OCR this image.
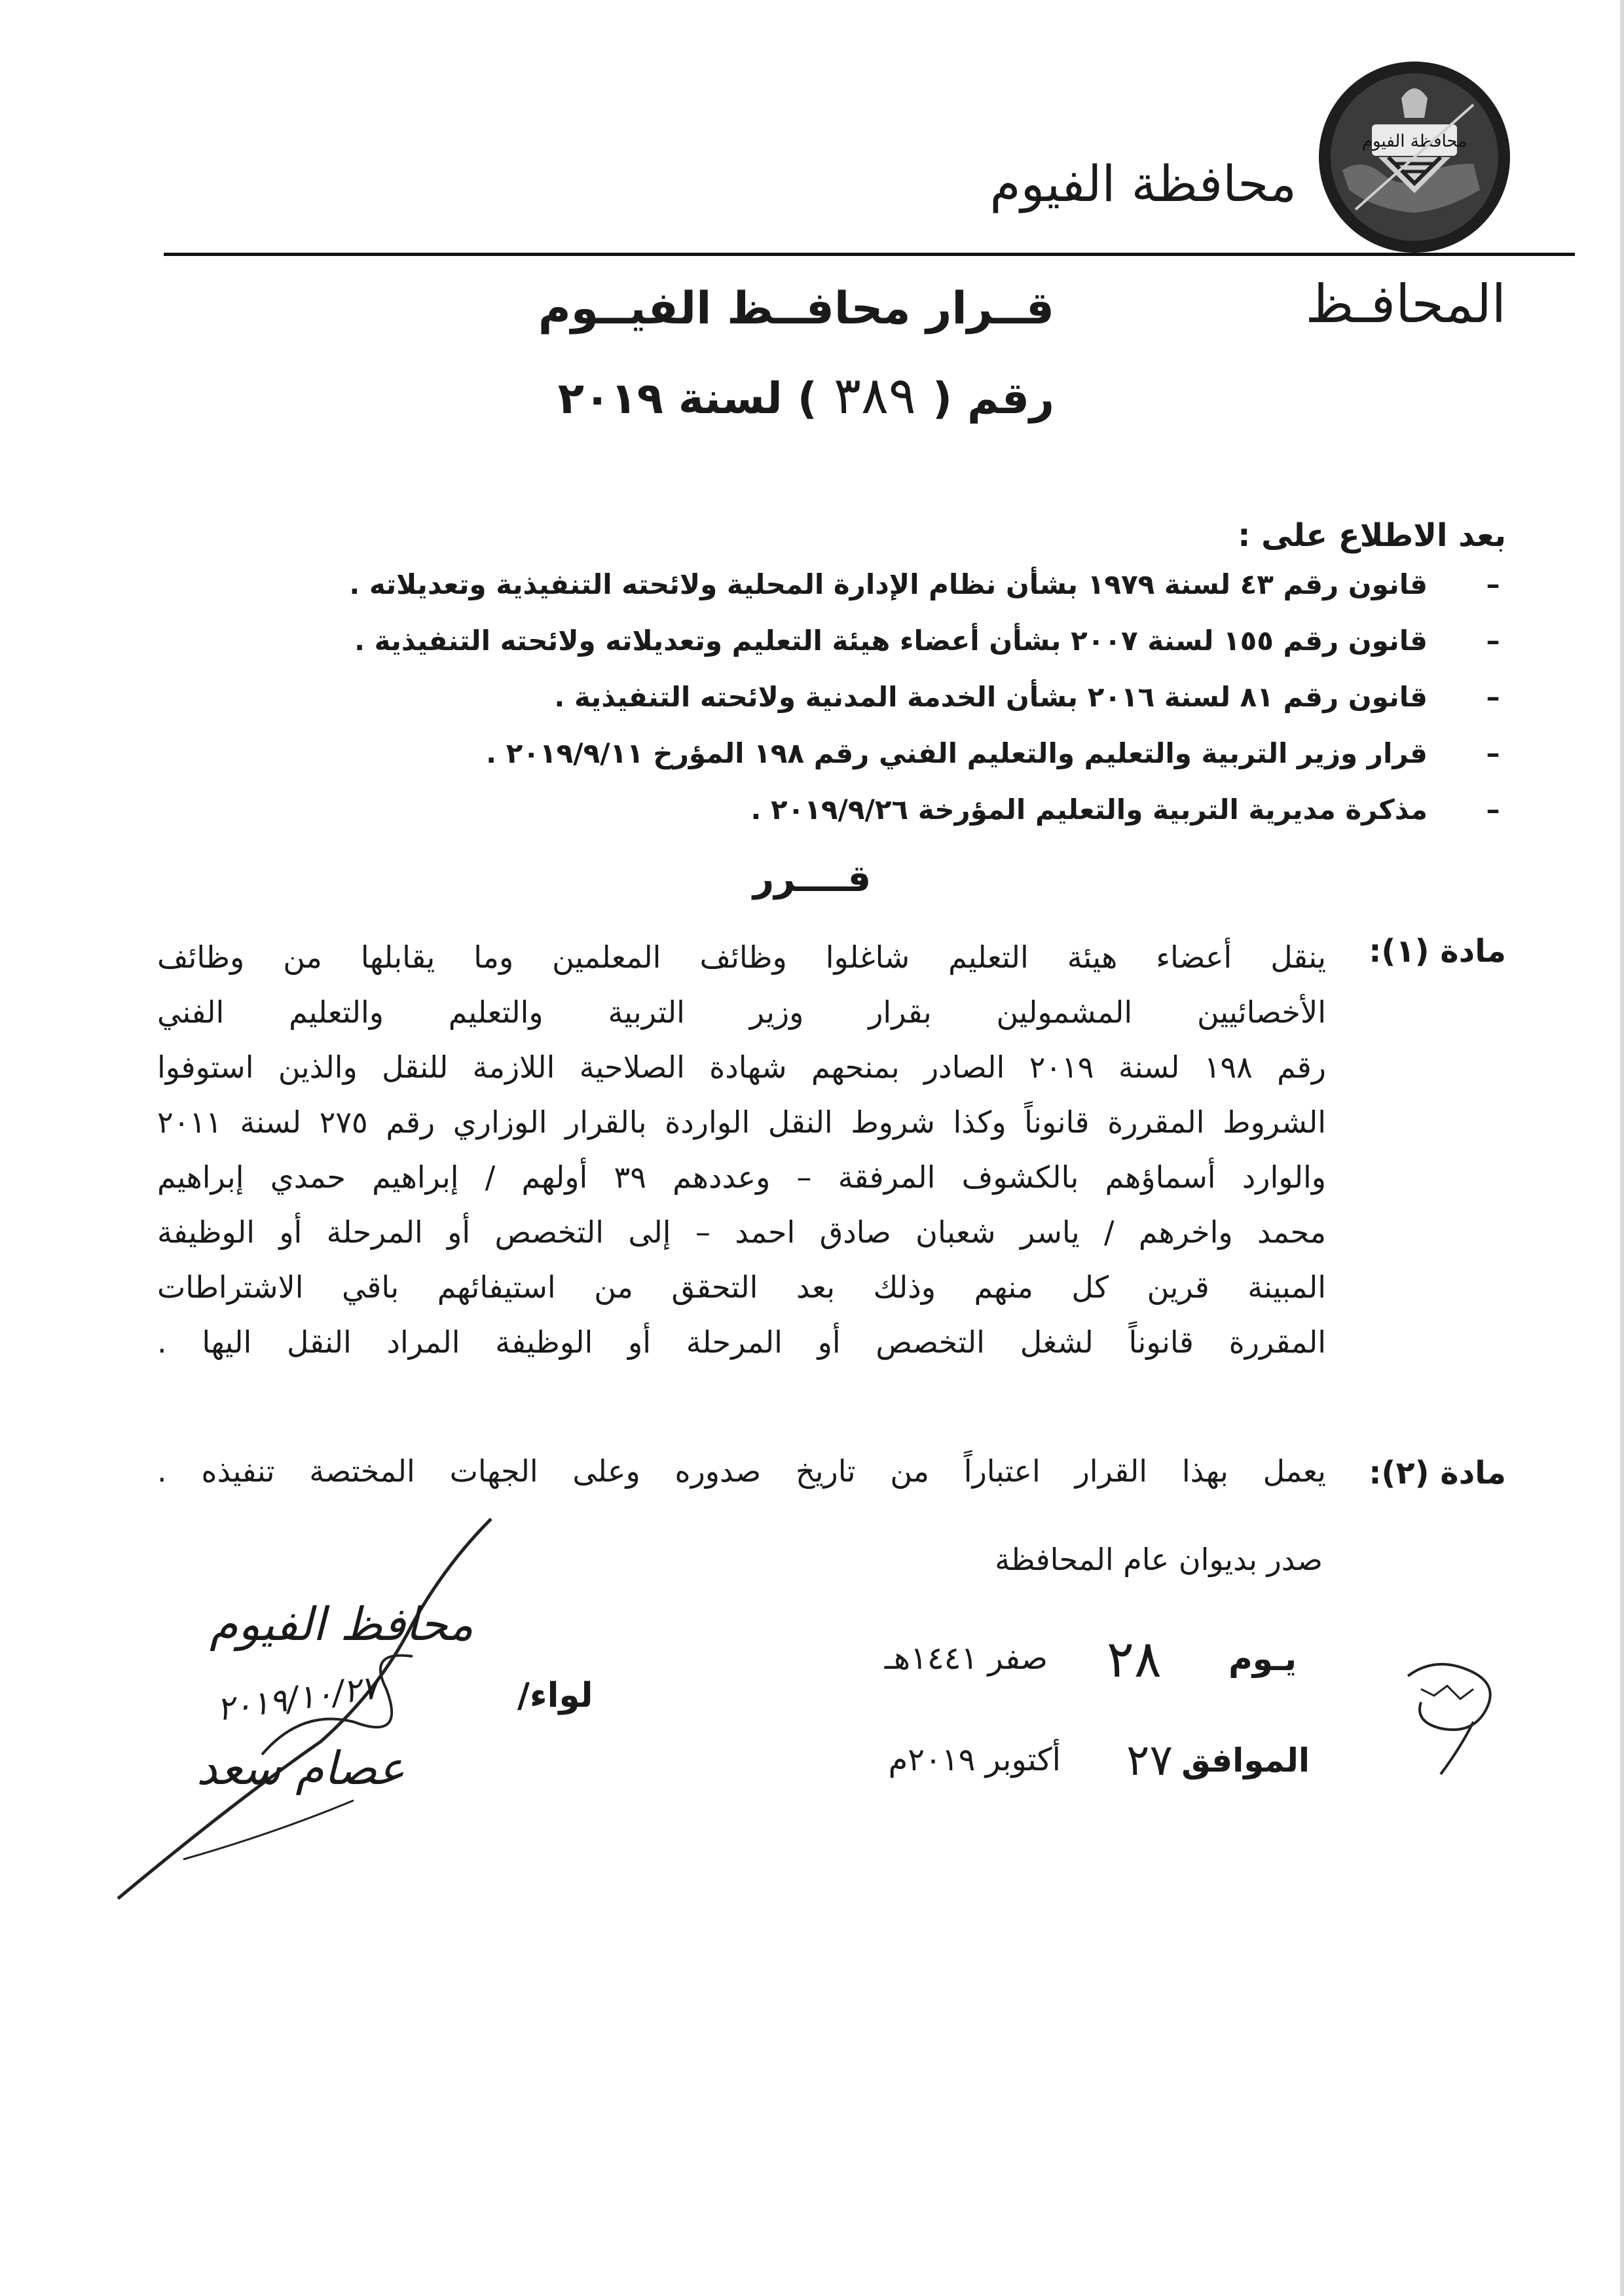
محافظة الفيوم
محافظة الفيوم
المحافـظ
قــرار محافــظ الفيــوم
رقم ( ٣٨٩ ) لسنة ٢٠١٩
بعد الاطلاع على :
–
قانون رقم ٤٣ لسنة ١٩٧٩ بشأن نظام الإدارة المحلية ولائحته التنفيذية وتعديلاته .
–
قانون رقم ١٥٥ لسنة ٢٠٠٧ بشأن أعضاء هيئة التعليم وتعديلاته ولائحته التنفيذية .
–
قانون رقم ٨١ لسنة ٢٠١٦ بشأن الخدمة المدنية ولائحته التنفيذية .
–
قرار وزير التربية والتعليم والتعليم الفني رقم ١٩٨ المؤرخ ٢٠١٩/٩/١١ .
–
مذكرة مديرية التربية والتعليم المؤرخة ٢٠١٩/٩/٢٦ .
قــــرر
مادة (١):
ينقل أعضاء هيئة التعليم شاغلوا وظائف المعلمين وما يقابلها من وظائف
الأخصائيين المشمولين بقرار وزير التربية والتعليم والتعليم الفني
رقم ١٩٨ لسنة ٢٠١٩ الصادر بمنحهم شهادة الصلاحية اللازمة للنقل والذين استوفوا
الشروط المقررة قانوناً وكذا شروط النقل الواردة بالقرار الوزاري رقم ٢٧٥ لسنة ٢٠١١
والوارد أسماؤهم بالكشوف المرفقة – وعددهم ٣٩ أولهم / إبراهيم حمدي إبراهيم
محمد واخرهم / ياسر شعبان صادق احمد – إلى التخصص أو المرحلة أو الوظيفة
المبينة قرين كل منهم وذلك بعد التحقق من استيفائهم باقي الاشتراطات
المقررة قانوناً لشغل التخصص أو المرحلة أو الوظيفة المراد النقل اليها .
مادة (٢):
يعمل بهذا القرار اعتباراً من تاريخ صدوره وعلى الجهات المختصة تنفيذه .
صدر بديوان عام المحافظة
يـوم
٢٨
صفر ١٤٤١هـ
الموافق
٢٧
أكتوبر ٢٠١٩م
محافظ الفيوم
٢٠١٩/١٠/٢٧	لواء/
عصام سعد
